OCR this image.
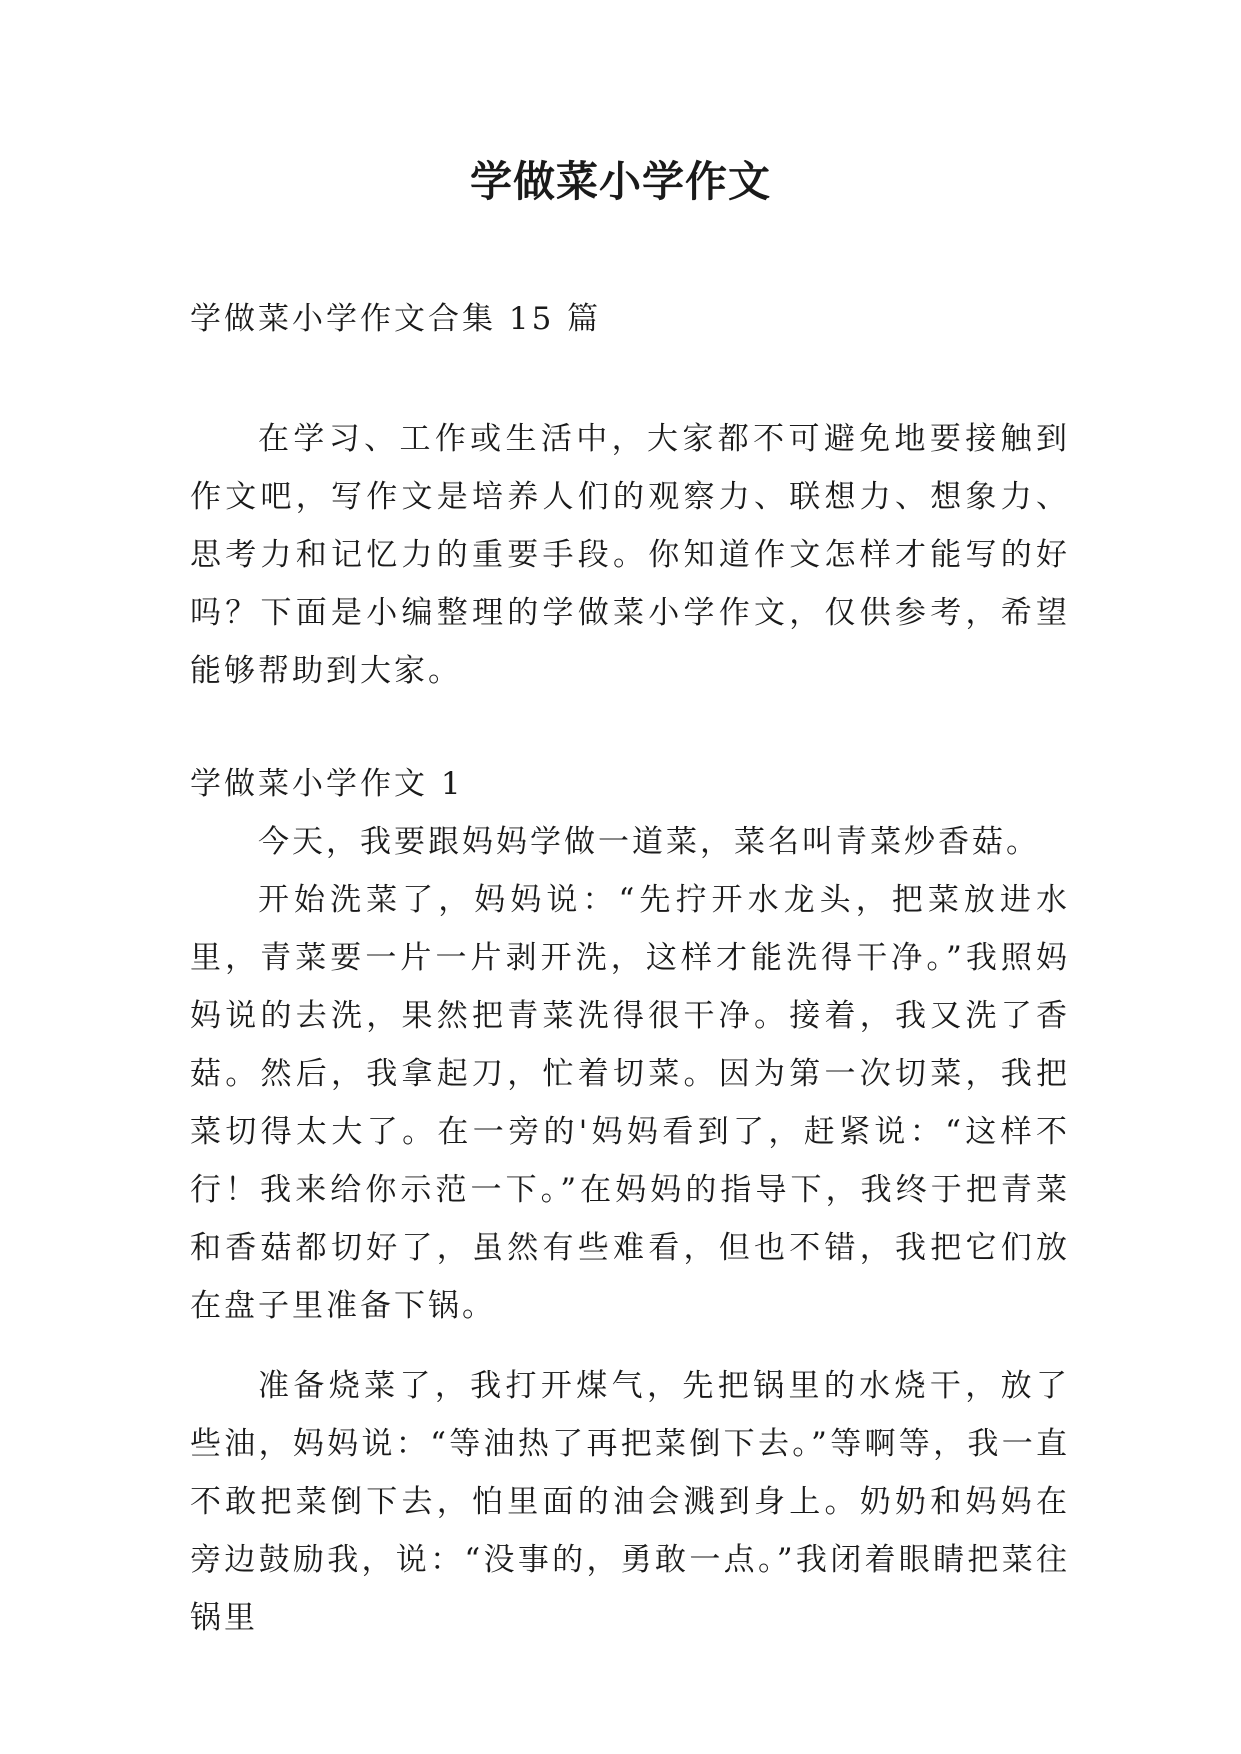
学做菜小学作文

学做菜小学作文合集 15 篇

在学习、工作或生活中，大家都不可避免地要接触到作文吧，写作文是培养人们的观察力、联想力、想象力、思考力和记忆力的重要手段。你知道作文怎样才能写的好吗？下面是小编整理的学做菜小学作文，仅供参考，希望能够帮助到大家。

学做菜小学作文 1

今天，我要跟妈妈学做一道菜，菜名叫青菜炒香菇。

开始洗菜了，妈妈说：“先拧开水龙头，把菜放进水里，青菜要一片一片剥开洗，这样才能洗得干净。”我照妈妈说的去洗，果然把青菜洗得很干净。接着，我又洗了香菇。然后，我拿起刀，忙着切菜。因为第一次切菜，我把菜切得太大了。在一旁的'妈妈看到了，赶紧说：“这样不行！我来给你示范一下。”在妈妈的指导下，我终于把青菜和香菇都切好了，虽然有些难看，但也不错，我把它们放在盘子里准备下锅。

准备烧菜了，我打开煤气，先把锅里的水烧干，放了些油，妈妈说：“等油热了再把菜倒下去。”等啊等，我一直不敢把菜倒下去，怕里面的油会溅到身上。奶奶和妈妈在旁边鼓励我，说：“没事的，勇敢一点。”我闭着眼睛把菜往锅里
